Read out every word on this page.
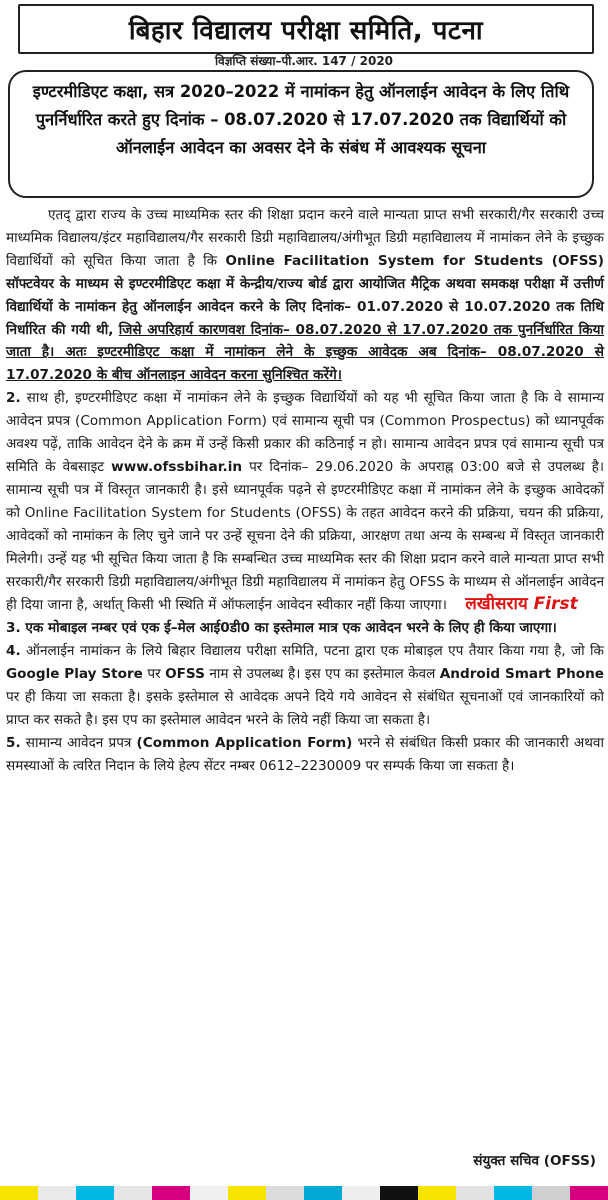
बिहार विद्यालय परीक्षा समिति, पटना
विज्ञप्ति संख्या–पी.आर. 147 / 2020
इण्टरमीडिएट कक्षा, सत्र 2020–2022 में नामांकन हेतु ऑनलाईन आवेदन के लिए तिथि पुनर्निर्धारित करते हुए दिनांक – 08.07.2020 से 17.07.2020 तक विद्यार्थियों को ऑनलाईन आवेदन का अवसर देने के संबंध में आवश्यक सूचना

एतद् द्वारा राज्य के उच्च माध्यमिक स्तर की शिक्षा प्रदान करने वाले मान्यता प्राप्त सभी सरकारी/गैर सरकारी उच्च माध्यमिक विद्यालय/इंटर महाविद्यालय/गैर सरकारी डिग्री महाविद्यालय/अंगीभूत डिग्री महाविद्यालय में नामांकन लेने के इच्छुक विद्यार्थियों को सूचित किया जाता है कि Online Facilitation System for Students (OFSS) सॉफ्टवेयर के माध्यम से इण्टरमीडिएट कक्षा में केन्द्रीय/राज्य बोर्ड द्वारा आयोजित मैट्रिक अथवा समकक्ष परीक्षा में उत्तीर्ण विद्यार्थियों के नामांकन हेतु ऑनलाईन आवेदन करने के लिए दिनांक– 01.07.2020 से 10.07.2020 तक तिथि निर्धारित की गयी थी, जिसे अपरिहार्य कारणवश दिनांक– 08.07.2020 से 17.07.2020 तक पुनर्निर्धारित किया जाता है। अतः इण्टरमीडिएट कक्षा में नामांकन लेने के इच्छुक आवेदक अब दिनांक– 08.07.2020 से 17.07.2020 के बीच ऑनलाइन आवेदन करना सुनिश्चित करेंगे।

2. साथ ही, इण्टरमीडिएट कक्षा में नामांकन लेने के इच्छुक विद्यार्थियों को यह भी सूचित किया जाता है कि वे सामान्य आवेदन प्रपत्र (Common Application Form) एवं सामान्य सूची पत्र (Common Prospectus) को ध्यानपूर्वक अवश्य पढ़ें, ताकि आवेदन देने के क्रम में उन्हें किसी प्रकार की कठिनाई न हो। सामान्य आवेदन प्रपत्र एवं सामान्य सूची पत्र समिति के वेबसाइट www.ofssbihar.in पर दिनांक– 29.06.2020 के अपराह्न 03:00 बजे से उपलब्ध है। सामान्य सूची पत्र में विस्तृत जानकारी है। इसे ध्यानपूर्वक पढ़ने से इण्टरमीडिएट कक्षा में नामांकन लेने के इच्छुक आवेदकों को Online Facilitation System for Students (OFSS) के तहत आवेदन करने की प्रक्रिया, चयन की प्रक्रिया, आवेदकों को नामांकन के लिए चुने जाने पर उन्हें सूचना देने की प्रक्रिया, आरक्षण तथा अन्य के सम्बन्ध में विस्तृत जानकारी मिलेगी। उन्हें यह भी सूचित किया जाता है कि सम्बन्धित उच्च माध्यमिक स्तर की शिक्षा प्रदान करने वाले मान्यता प्राप्त सभी सरकारी/गैर सरकारी डिग्री महाविद्यालय/अंगीभूत डिग्री महाविद्यालय में नामांकन हेतु OFSS के माध्यम से ऑनलाईन आवेदन ही दिया जाना है, अर्थात् किसी भी स्थिति में ऑफलाईन आवेदन स्वीकार नहीं किया जाएगा। लखीसराय First

3. एक मोबाइल नम्बर एवं एक ई–मेल आई0डी0 का इस्तेमाल मात्र एक आवेदन भरने के लिए ही किया जाएगा।

4. ऑनलाईन नामांकन के लिये बिहार विद्यालय परीक्षा समिति, पटना द्वारा एक मोबाइल एप तैयार किया गया है, जो कि Google Play Store पर OFSS नाम से उपलब्ध है। इस एप का इस्तेमाल केवल Android Smart Phone पर ही किया जा सकता है। इसके इस्तेमाल से आवेदक अपने दिये गये आवेदन से संबंधित सूचनाओं एवं जानकारियों को प्राप्त कर सकते है। इस एप का इस्तेमाल आवेदन भरने के लिये नहीं किया जा सकता है।

5. सामान्य आवेदन प्रपत्र (Common Application Form) भरने से संबंधित किसी प्रकार की जानकारी अथवा समस्याओं के त्वरित निदान के लिये हेल्प सेंटर नम्बर 0612–2230009 पर सम्पर्क किया जा सकता है।

संयुक्त सचिव (OFSS)
